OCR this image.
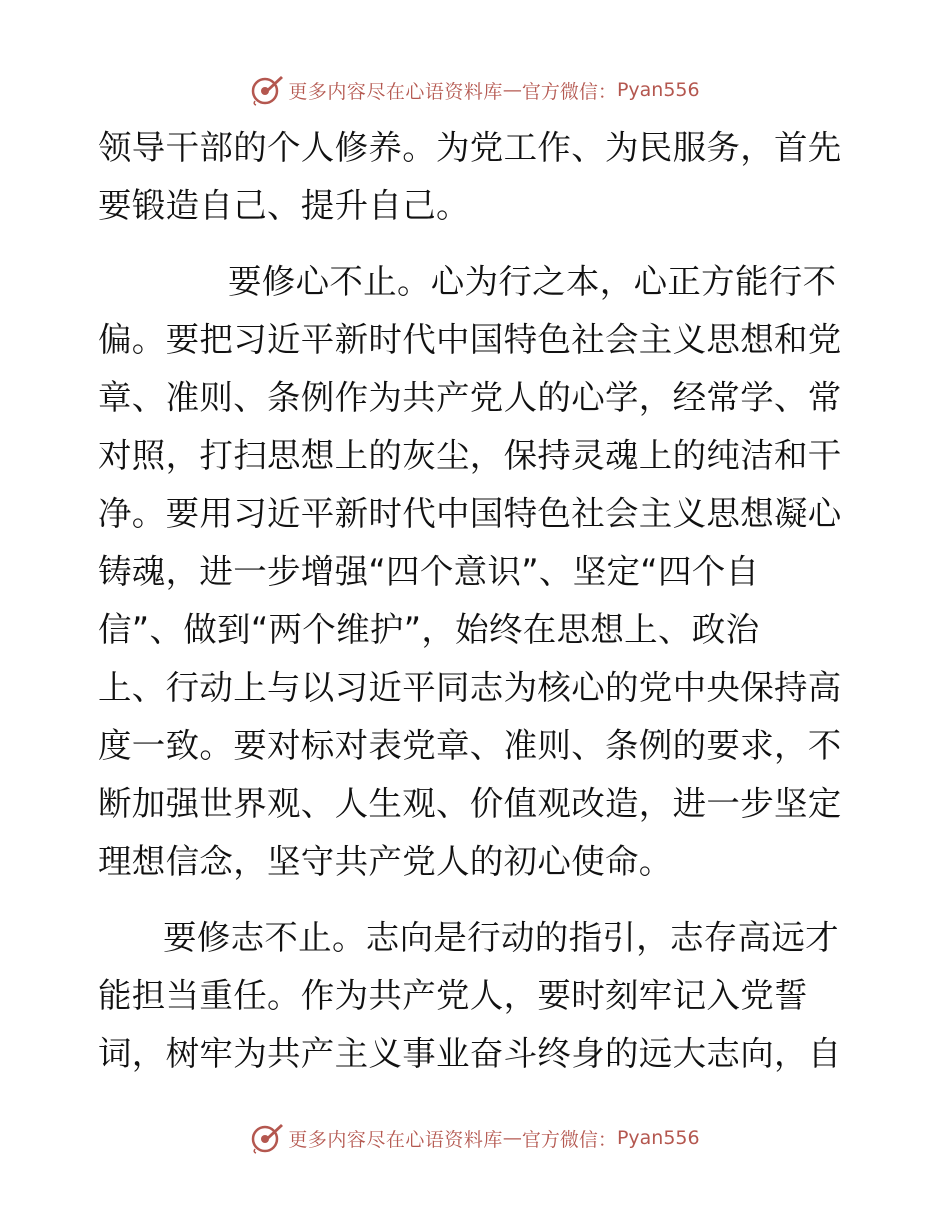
更多内容尽在心语资料库 — 官方微信： Pyan556
领导干部的个人修养。为党工作、为民服务，首先
要锻造自己、提升自己。
要修心不止。心为行之本，心正方能行不
偏。要把习近平新时代中国特色社会主义思想和党
章、准则、条例作为共产党人的心学，经常学、常
对照，打扫思想上的灰尘，保持灵魂上的纯洁和干
净。要用习近平新时代中国特色社会主义思想凝心
铸魂，进一步增强“四个意识”、坚定“四个自
信”、做到“两个维护”，始终在思想上、政治
上、行动上与以习近平同志为核心的党中央保持高
度一致。要对标对表党章、准则、条例的要求，不
断加强世界观、人生观、价值观改造，进一步坚定
理想信念，坚守共产党人的初心使命。
要修志不止。志向是行动的指引，志存高远才
能担当重任。作为共产党人，要时刻牢记入党誓
词，树牢为共产主义事业奋斗终身的远大志向，自
更多内容尽在心语资料库 — 官方微信： Pyan556
